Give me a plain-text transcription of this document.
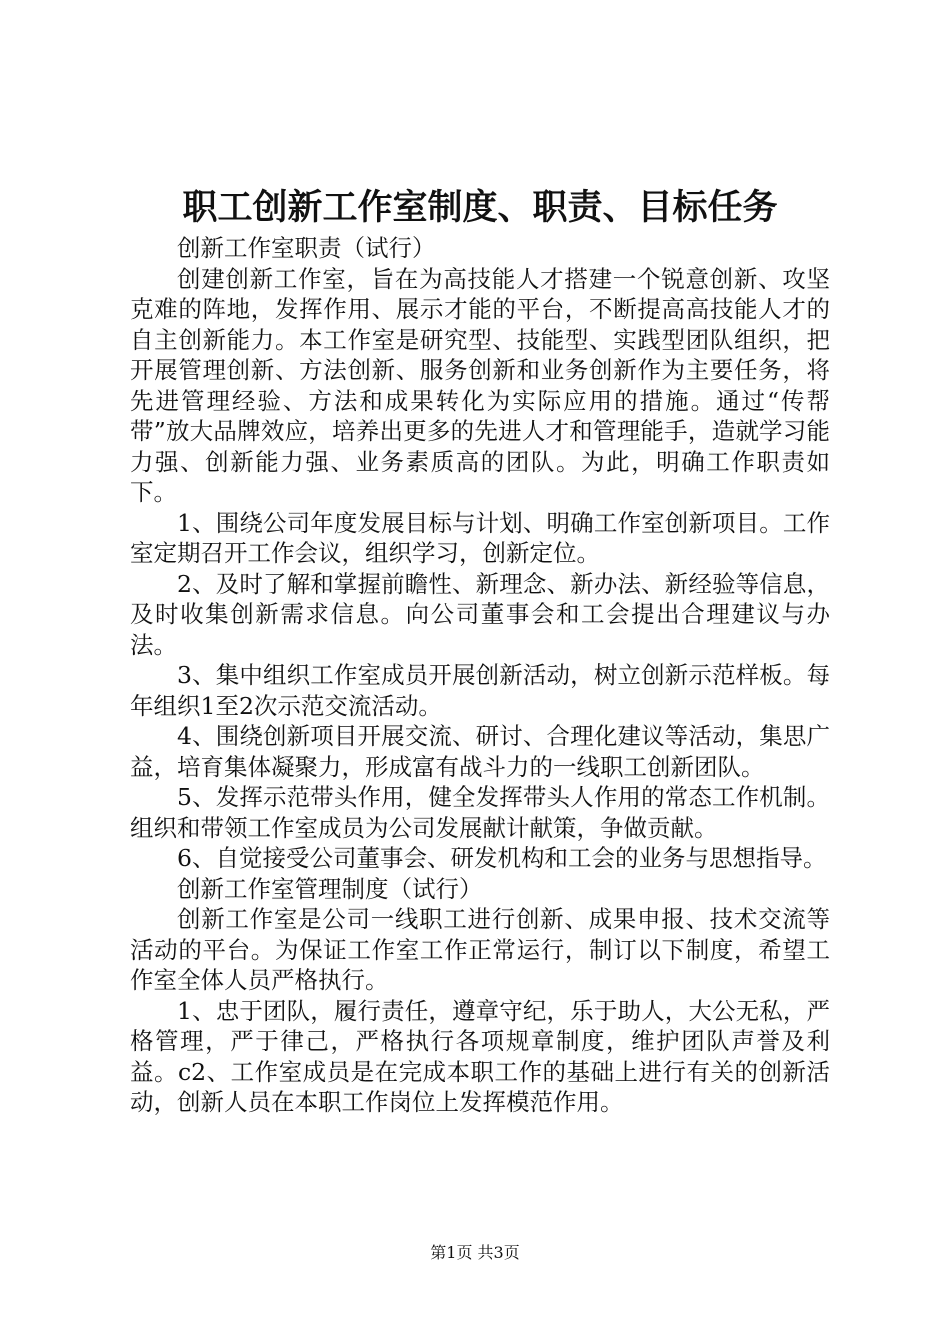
职工创新工作室制度、职责、目标任务

创新工作室职责（试行）

创建创新工作室，旨在为高技能人才搭建一个锐意创新、攻坚克难的阵地，发挥作用、展示才能的平台，不断提高高技能人才的自主创新能力。本工作室是研究型、技能型、实践型团队组织，把开展管理创新、方法创新、服务创新和业务创新作为主要任务，将先进管理经验、方法和成果转化为实际应用的措施。通过“传帮带”放大品牌效应，培养出更多的先进人才和管理能手，造就学习能力强、创新能力强、业务素质高的团队。为此，明确工作职责如下。

1、围绕公司年度发展目标与计划、明确工作室创新项目。工作室定期召开工作会议，组织学习，创新定位。

2、及时了解和掌握前瞻性、新理念、新办法、新经验等信息，及时收集创新需求信息。向公司董事会和工会提出合理建议与办法。

3、集中组织工作室成员开展创新活动，树立创新示范样板。每年组织1至2次示范交流活动。

4、围绕创新项目开展交流、研讨、合理化建议等活动，集思广益，培育集体凝聚力，形成富有战斗力的一线职工创新团队。

5、发挥示范带头作用，健全发挥带头人作用的常态工作机制。组织和带领工作室成员为公司发展献计献策，争做贡献。

6、自觉接受公司董事会、研发机构和工会的业务与思想指导。

创新工作室管理制度（试行）

创新工作室是公司一线职工进行创新、成果申报、技术交流等活动的平台。为保证工作室工作正常运行，制订以下制度，希望工作室全体人员严格执行。

1、忠于团队，履行责任，遵章守纪，乐于助人，大公无私，严格管理，严于律己，严格执行各项规章制度，维护团队声誉及利益。c2、工作室成员是在完成本职工作的基础上进行有关的创新活动，创新人员在本职工作岗位上发挥模范作用。

第1页 共3页
